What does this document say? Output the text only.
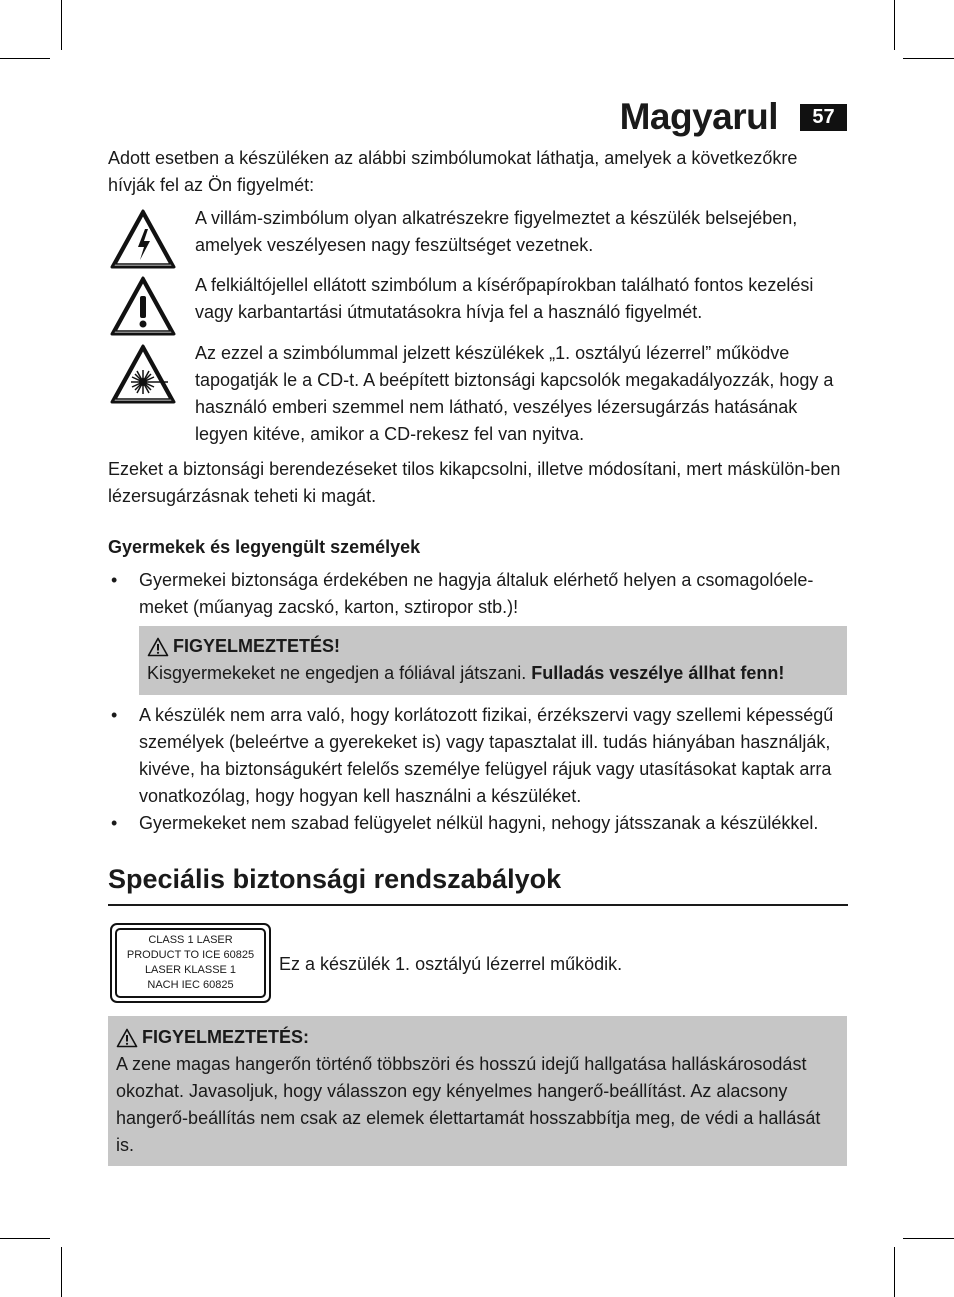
Magyarul	57

Adott esetben a készüléken az alábbi szimbólumokat láthatja, amelyek a következőkre hívják fel az Ön figyelmét:

A villám-szimbólum olyan alkatrészekre figyelmeztet a készülék belsejében, amelyek veszélyesen nagy feszültséget vezetnek.

A felkiáltójellel ellátott szimbólum a kísérőpapírokban található fontos kezelési vagy karbantartási útmutatásokra hívja fel a használó figyelmét.

Az ezzel a szimbólummal jelzett készülékek „1. osztályú lézerrel” működve tapogatják le a CD-t. A beépített biztonsági kapcsolók megakadályozzák, hogy a használó emberi szemmel nem látható, veszélyes lézersugárzás hatásának legyen kitéve, amikor a CD-rekesz fel van nyitva.

Ezeket a biztonsági berendezéseket tilos kikapcsolni, illetve módosítani, mert máskülön-ben lézersugárzásnak teheti ki magát.

Gyermekek és legyengült személyek
• Gyermekei biztonsága érdekében ne hagyja általuk elérhető helyen a csomagolóele-meket (műanyag zacskó, karton, sztiropor stb.)!

FIGYELMEZTETÉS!
Kisgyermekeket ne engedjen a fóliával játszani. Fulladás veszélye állhat fenn!
• A készülék nem arra való, hogy korlátozott fizikai, érzékszervi vagy szellemi képességű személyek (beleértve a gyerekeket is) vagy tapasztalat ill. tudás hiányában használják, kivéve, ha biztonságukért felelős személye felügyel rájuk vagy utasításokat kaptak arra vonatkozólag, hogy hogyan kell használni a készüléket.

• Gyermekeket nem szabad felügyelet nélkül hagyni, nehogy játsszanak a készülékkel.

Speciális biztonsági rendszabályok
CLASS 1 LASER
PRODUCT TO ICE 60825
LASER KLASSE 1
NACH IEC 60825

Ez a készülék 1. osztályú lézerrel működik.

FIGYELMEZTETÉS:
A zene magas hangerőn történő többszöri és hosszú idejű hallgatása halláskárosodást okozhat. Javasoljuk, hogy válasszon egy kényelmes hangerő-beállítást. Az alacsony hangerő-beállítás nem csak az elemek élettartamát hosszabbítja meg, de védi a hallását is.
